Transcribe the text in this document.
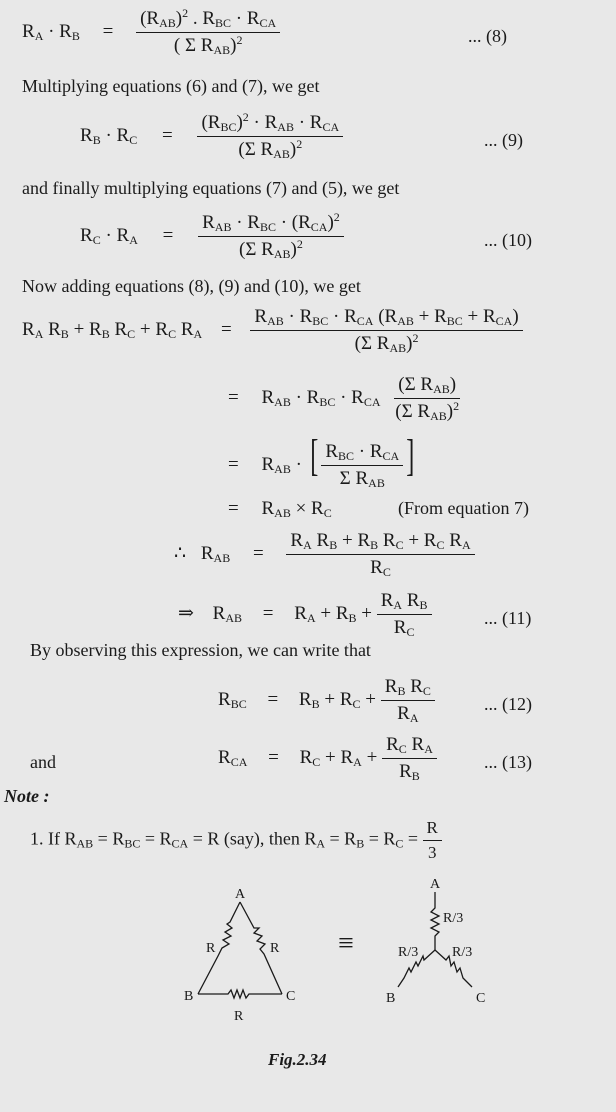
$R_A \cdot R_B = \frac{(R_{AB})^2 . R_{BC} \cdot R_{CA}}{( \Sigma R_{AB})^2}$	... (8)
Multiplying equations (6) and (7), we get
$R_B \cdot R_C = \frac{(R_{BC})^2 \cdot R_{AB} \cdot R_{CA}}{(\Sigma R_{AB})^2}$	... (9)
and finally multiplying equations (7) and (5), we get
$R_C \cdot R_A = \frac{R_{AB} \cdot R_{BC} \cdot (R_{CA})^2}{(\Sigma R_{AB})^2}$	... (10)
Now adding equations (8), (9) and (10), we get
$R_A$ $R_B + R_B$ $R_C + R_C$ $R_A = \frac{R_{AB} \cdot R_{BC} \cdot R_{CA} (R_{AB} + R_{BC} + R_{CA})}{(\Sigma R_{AB})^2}$
= $R_{AB} \cdot R_{BC} \cdot R_{CA} \frac{(\Sigma R_{AB})}{(\Sigma R_{AB})^2}$
= $R_{AB}$ · [ $\frac{R_{BC} \cdot R_{CA}}{\Sigma R_{AB}}$ ]
= $R_{AB} \times R_C$	(From equation 7)
∴ $R_{AB} = \frac{R_A R_B + R_B R_C + R_C R_A}{R_C}$
⇒ $R_{AB} = R_A + R_B + \frac{R_A R_B}{R_C}$	... (11)
By observing this expression, we can write that
$R_{BC} = R_B + R_C + \frac{R_B R_C}{R_A}$	... (12)
and	$R_{CA} = R_C + R_A + \frac{R_C R_A}{R_B}$	... (13)
Note :
1. If $R_{AB} = R_{BC} = R_{CA} = R$ (say), then $R_A = R_B = R_C = \frac{R}{3}$
A
R	R
B	C
R
≡
A
R/3
R/3 R/3
B	C
Fig.2.34
